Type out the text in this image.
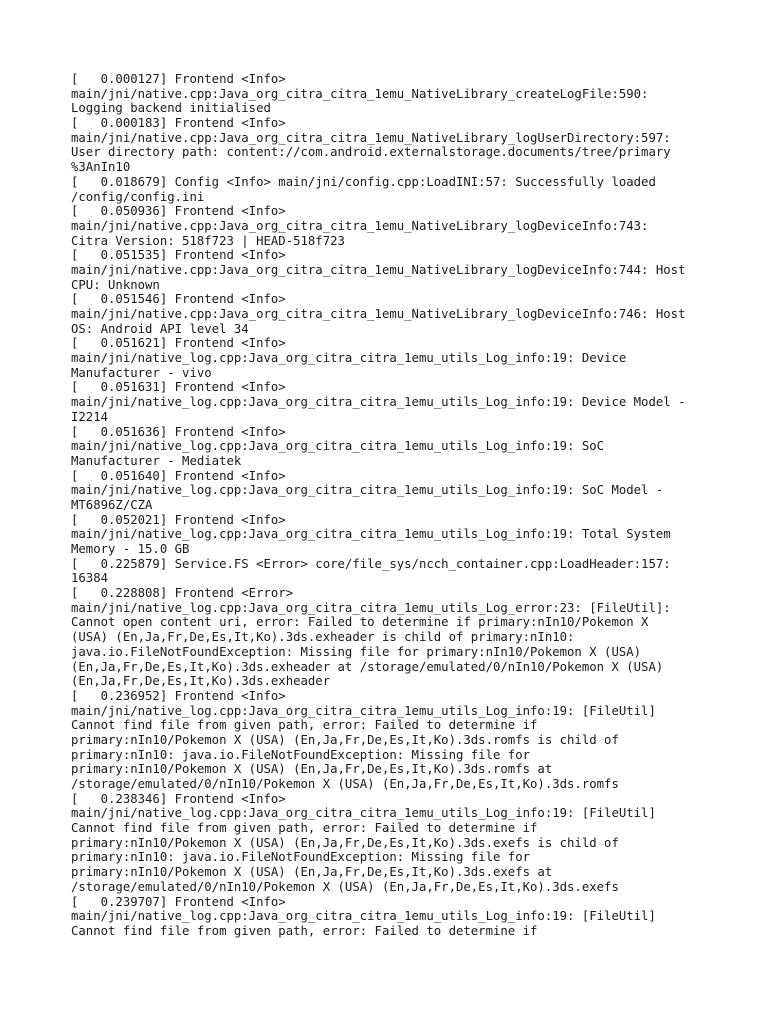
[   0.000127] Frontend <Info>
main/jni/native.cpp:Java_org_citra_citra_1emu_NativeLibrary_createLogFile:590:
Logging backend initialised
[   0.000183] Frontend <Info>
main/jni/native.cpp:Java_org_citra_citra_1emu_NativeLibrary_logUserDirectory:597:
User directory path: content://com.android.externalstorage.documents/tree/primary
%3AnIn10
[   0.018679] Config <Info> main/jni/config.cpp:LoadINI:57: Successfully loaded
/config/config.ini
[   0.050936] Frontend <Info>
main/jni/native.cpp:Java_org_citra_citra_1emu_NativeLibrary_logDeviceInfo:743:
Citra Version: 518f723 | HEAD-518f723
[   0.051535] Frontend <Info>
main/jni/native.cpp:Java_org_citra_citra_1emu_NativeLibrary_logDeviceInfo:744: Host
CPU: Unknown
[   0.051546] Frontend <Info>
main/jni/native.cpp:Java_org_citra_citra_1emu_NativeLibrary_logDeviceInfo:746: Host
OS: Android API level 34
[   0.051621] Frontend <Info>
main/jni/native_log.cpp:Java_org_citra_citra_1emu_utils_Log_info:19: Device
Manufacturer - vivo
[   0.051631] Frontend <Info>
main/jni/native_log.cpp:Java_org_citra_citra_1emu_utils_Log_info:19: Device Model -
I2214
[   0.051636] Frontend <Info>
main/jni/native_log.cpp:Java_org_citra_citra_1emu_utils_Log_info:19: SoC
Manufacturer - Mediatek
[   0.051640] Frontend <Info>
main/jni/native_log.cpp:Java_org_citra_citra_1emu_utils_Log_info:19: SoC Model -
MT6896Z/CZA
[   0.052021] Frontend <Info>
main/jni/native_log.cpp:Java_org_citra_citra_1emu_utils_Log_info:19: Total System
Memory - 15.0 GB
[   0.225879] Service.FS <Error> core/file_sys/ncch_container.cpp:LoadHeader:157:
16384
[   0.228808] Frontend <Error>
main/jni/native_log.cpp:Java_org_citra_citra_1emu_utils_Log_error:23: [FileUtil]:
Cannot open content uri, error: Failed to determine if primary:nIn10/Pokemon X
(USA) (En,Ja,Fr,De,Es,It,Ko).3ds.exheader is child of primary:nIn10:
java.io.FileNotFoundException: Missing file for primary:nIn10/Pokemon X (USA)
(En,Ja,Fr,De,Es,It,Ko).3ds.exheader at /storage/emulated/0/nIn10/Pokemon X (USA)
(En,Ja,Fr,De,Es,It,Ko).3ds.exheader
[   0.236952] Frontend <Info>
main/jni/native_log.cpp:Java_org_citra_citra_1emu_utils_Log_info:19: [FileUtil]
Cannot find file from given path, error: Failed to determine if
primary:nIn10/Pokemon X (USA) (En,Ja,Fr,De,Es,It,Ko).3ds.romfs is child of
primary:nIn10: java.io.FileNotFoundException: Missing file for
primary:nIn10/Pokemon X (USA) (En,Ja,Fr,De,Es,It,Ko).3ds.romfs at
/storage/emulated/0/nIn10/Pokemon X (USA) (En,Ja,Fr,De,Es,It,Ko).3ds.romfs
[   0.238346] Frontend <Info>
main/jni/native_log.cpp:Java_org_citra_citra_1emu_utils_Log_info:19: [FileUtil]
Cannot find file from given path, error: Failed to determine if
primary:nIn10/Pokemon X (USA) (En,Ja,Fr,De,Es,It,Ko).3ds.exefs is child of
primary:nIn10: java.io.FileNotFoundException: Missing file for
primary:nIn10/Pokemon X (USA) (En,Ja,Fr,De,Es,It,Ko).3ds.exefs at
/storage/emulated/0/nIn10/Pokemon X (USA) (En,Ja,Fr,De,Es,It,Ko).3ds.exefs
[   0.239707] Frontend <Info>
main/jni/native_log.cpp:Java_org_citra_citra_1emu_utils_Log_info:19: [FileUtil]
Cannot find file from given path, error: Failed to determine if
